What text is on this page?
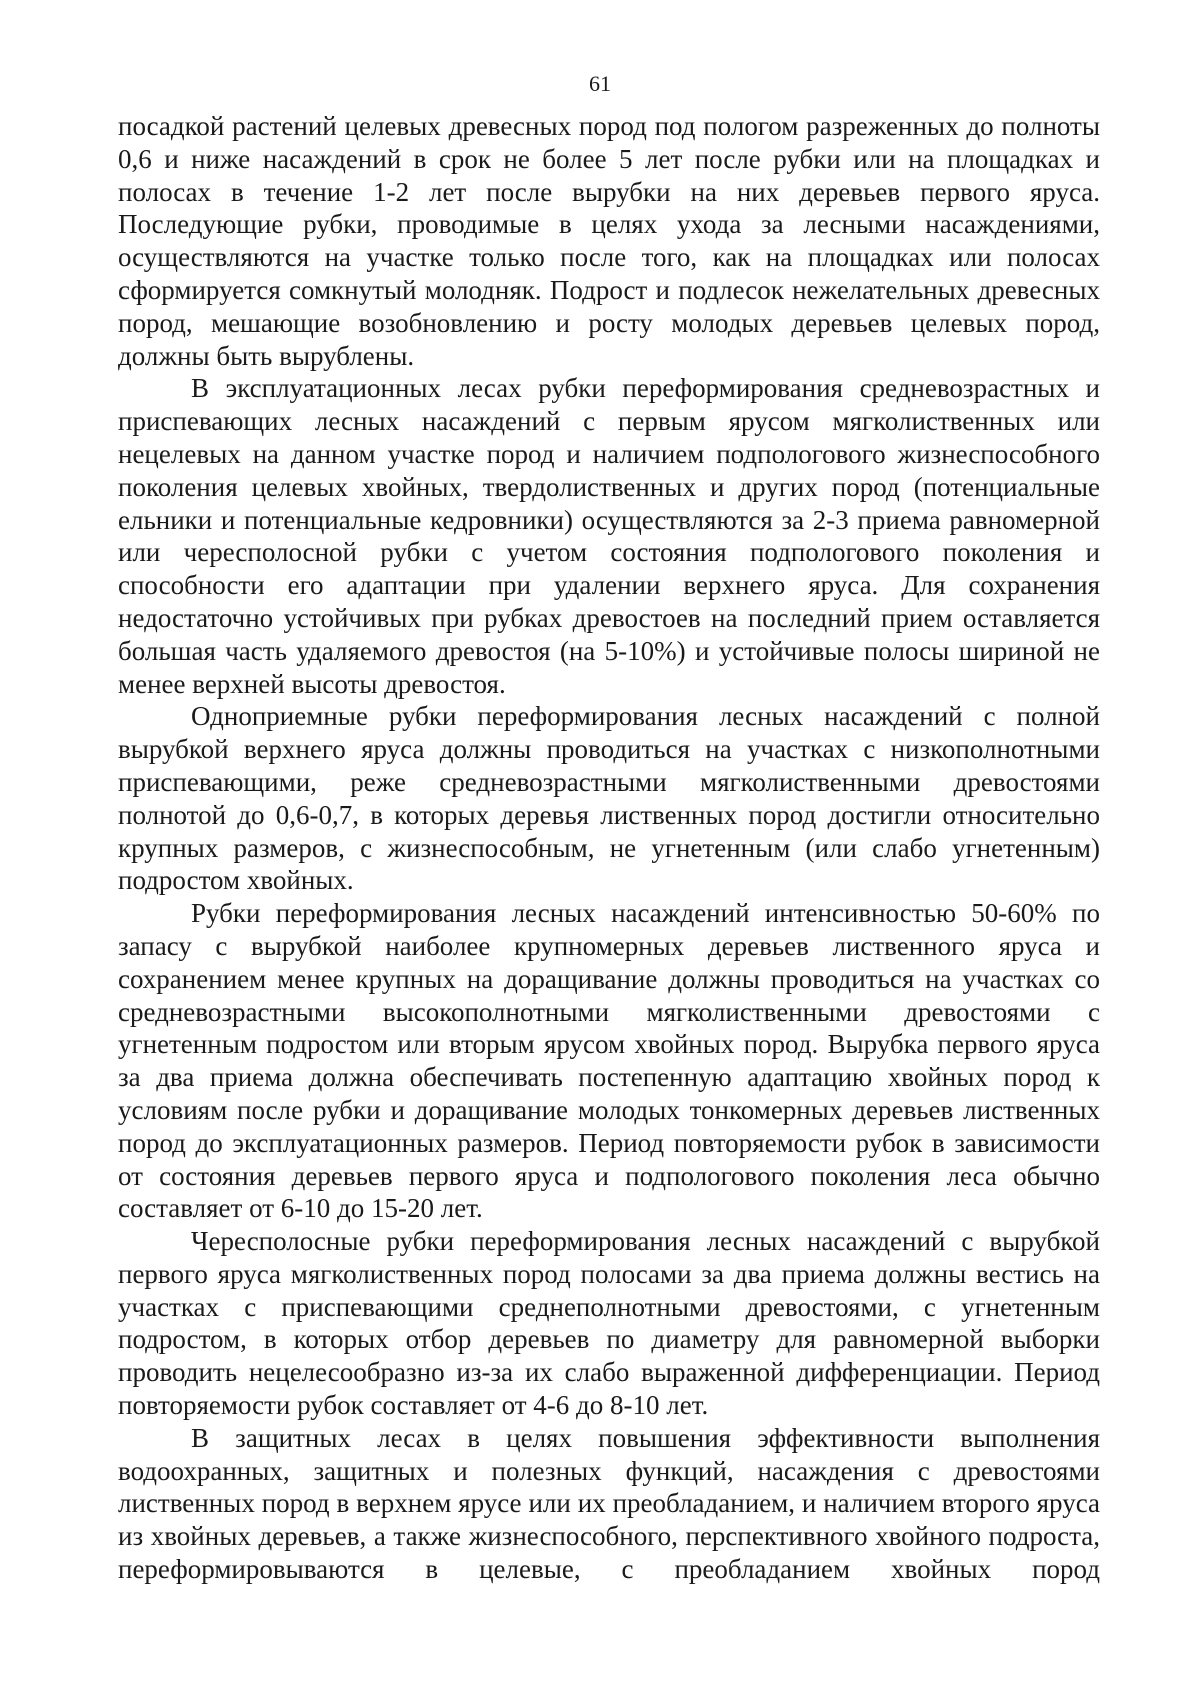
61

посадкой растений целевых древесных пород под пологом разреженных до полноты 0,6 и ниже насаждений в срок не более 5 лет после рубки или на площадках и полосах в течение 1-2 лет после вырубки на них деревьев первого яруса. Последующие рубки, проводимые в целях ухода за лесными насаждениями, осуществляются на участке только после того, как на площадках или полосах сформируется сомкнутый молодняк. Подрост и подлесок нежелательных древесных пород, мешающие возобновлению и росту молодых деревьев целевых пород, должны быть вырублены.

В эксплуатационных лесах рубки переформирования средневозрастных и приспевающих лесных насаждений с первым ярусом мягколиственных или нецелевых на данном участке пород и наличием подпологового жизнеспособного поколения целевых хвойных, твердолиственных и других пород (потенциальные ельники и потенциальные кедровники) осуществляются за 2-3 приема равномерной или чересполосной рубки с учетом состояния подпологового поколения и способности его адаптации при удалении верхнего яруса. Для сохранения недостаточно устойчивых при рубках древостоев на последний прием оставляется большая часть удаляемого древостоя (на 5-10%) и устойчивые полосы шириной не менее верхней высоты древостоя.

Одноприемные рубки переформирования лесных насаждений с полной вырубкой верхнего яруса должны проводиться на участках с низкополнотными приспевающими, реже средневозрастными мягколиственными древостоями полнотой до 0,6-0,7, в которых деревья лиственных пород достигли относительно крупных размеров, с жизнеспособным, не угнетенным (или слабо угнетенным) подростом хвойных.

Рубки переформирования лесных насаждений интенсивностью 50-60% по запасу с вырубкой наиболее крупномерных деревьев лиственного яруса и сохранением менее крупных на доращивание должны проводиться на участках со средневозрастными высокополнотными мягколиственными древостоями с угнетенным подростом или вторым ярусом хвойных пород. Вырубка первого яруса за два приема должна обеспечивать постепенную адаптацию хвойных пород к условиям после рубки и доращивание молодых тонкомерных деревьев лиственных пород до эксплуатационных размеров. Период повторяемости рубок в зависимости от состояния деревьев первого яруса и подпологового поколения леса обычно составляет от 6-10 до 15-20 лет.

Чересполосные рубки переформирования лесных насаждений с вырубкой первого яруса мягколиственных пород полосами за два приема должны вестись на участках с приспевающими среднеполнотными древостоями, с угнетенным подростом, в которых отбор деревьев по диаметру для равномерной выборки проводить нецелесообразно из-за их слабо выраженной дифференциации. Период повторяемости рубок составляет от 4-6 до 8-10 лет.

В защитных лесах в целях повышения эффективности выполнения водоохранных, защитных и полезных функций, насаждения с древостоями лиственных пород в верхнем ярусе или их преобладанием, и наличием второго яруса из хвойных деревьев, а также жизнеспособного, перспективного хвойного подроста, переформировываются в целевые, с преобладанием хвойных пород
